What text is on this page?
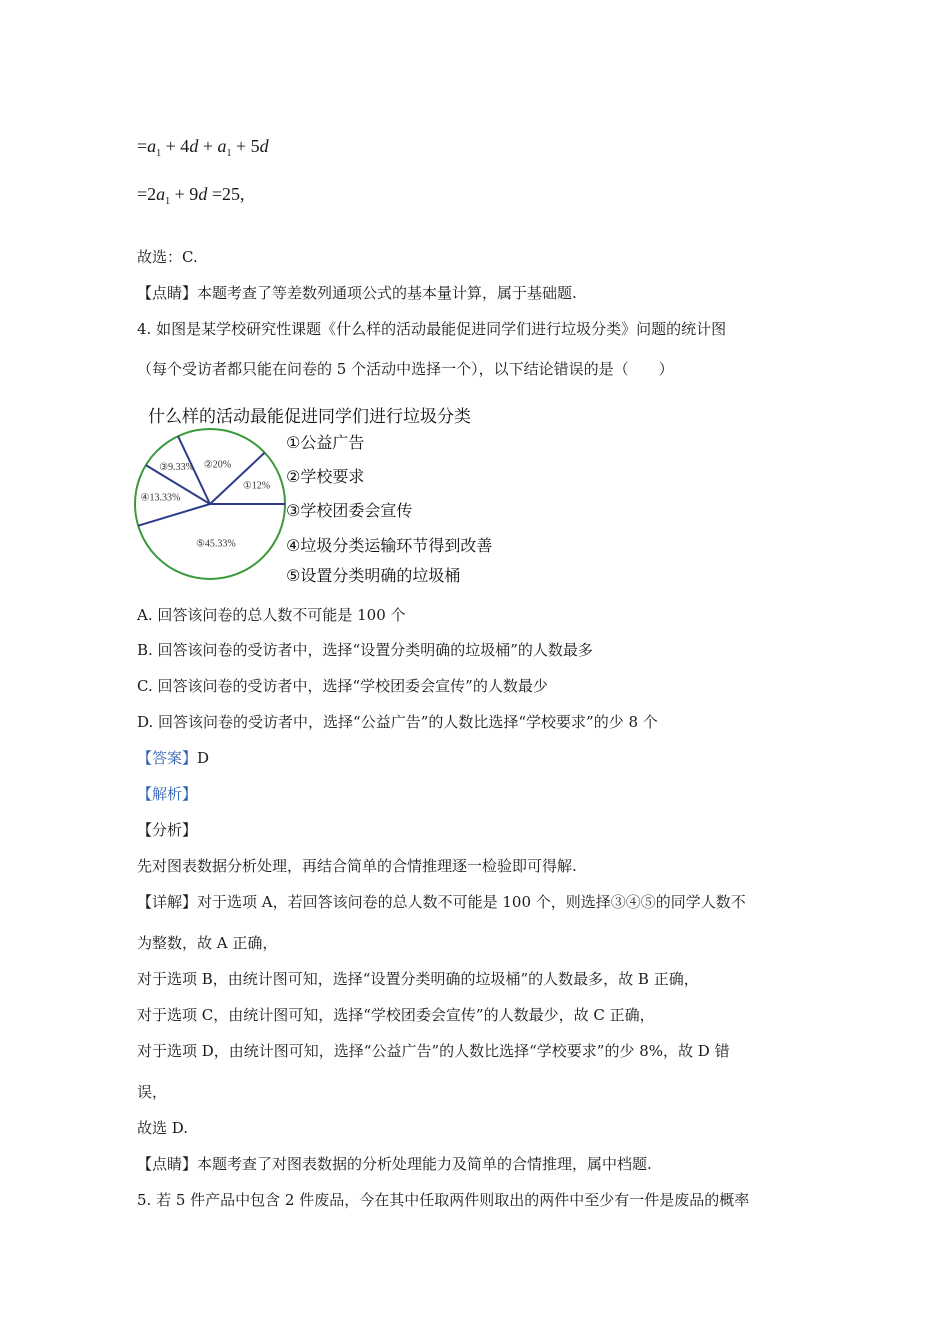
$=a_1 + 4d + a_1 + 5d$
$=2a_1 + 9d =25$,
故选：C.
【点睛】本题考查了等差数列通项公式的基本量计算，属于基础题.
4. 如图是某学校研究性课题《什么样的活动最能促进同学们进行垃圾分类》问题的统计图
（每个受访者都只能在问卷的 5 个活动中选择一个），以下结论错误的是（　　）
什么样的活动最能促进同学们进行垃圾分类
①12%
②20%
③9.33%
④13.33%
⑤45.33%
①公益广告
②学校要求
③学校团委会宣传
④垃圾分类运输环节得到改善
⑤设置分类明确的垃圾桶
A. 回答该问卷的总人数不可能是 100 个
B. 回答该问卷的受访者中，选择“设置分类明确的垃圾桶”的人数最多
C. 回答该问卷的受访者中，选择“学校团委会宣传”的人数最少
D. 回答该问卷的受访者中，选择“公益广告”的人数比选择“学校要求”的少 8 个
【答案】D
【解析】
【分析】
先对图表数据分析处理，再结合简单的合情推理逐一检验即可得解.
【详解】对于选项 A，若回答该问卷的总人数不可能是 100 个，则选择③④⑤的同学人数不
为整数，故 A 正确，
对于选项 B，由统计图可知，选择“设置分类明确的垃圾桶”的人数最多，故 B 正确，
对于选项 C，由统计图可知，选择“学校团委会宣传”的人数最少，故 C 正确，
对于选项 D，由统计图可知，选择“公益广告”的人数比选择“学校要求”的少 8%，故 D 错
误，
故选 D.
【点睛】本题考查了对图表数据的分析处理能力及简单的合情推理，属中档题.
5. 若 5 件产品中包含 2 件废品，今在其中任取两件则取出的两件中至少有一件是废品的概率
